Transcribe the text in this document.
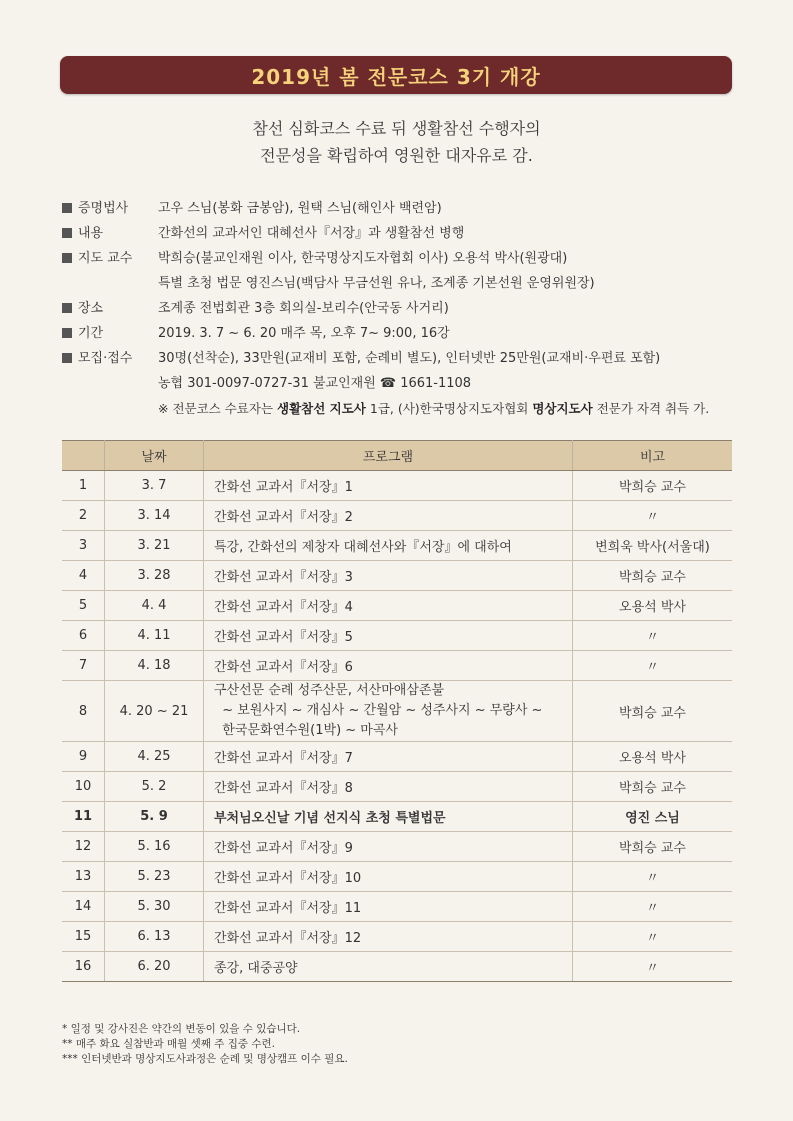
2019년 봄 전문코스 3기 개강
참선 심화코스 수료 뒤 생활참선 수행자의
전문성을 확립하여 영원한 대자유로 감.
증명법사	고우 스님(봉화 금봉암), 원택 스님(해인사 백련암)
내용	간화선의 교과서인 대혜선사『서장』과 생활참선 병행
지도 교수	박희승(불교인재원 이사, 한국명상지도자협회 이사) 오용석 박사(원광대)
특별 초청 법문 영진스님(백담사 무금선원 유나, 조계종 기본선원 운영위원장)
장소	조계종 전법회관 3층 회의실-보리수(안국동 사거리)
기간	2019. 3. 7 ~ 6. 20 매주 목, 오후 7~ 9:00, 16강
모집·접수	30명(선착순), 33만원(교재비 포함, 순례비 별도), 인터넷반 25만원(교재비·우편료 포함)
농협 301-0097-0727-31 불교인재원 ☎ 1661-1108
※ 전문코스 수료자는 생활참선 지도사 1급, (사)한국명상지도자협회 명상지도사 전문가 자격 취득 가.
	날짜	프로그램	비고
1	3. 7	간화선 교과서『서장』1	박희승 교수
2	3. 14	간화선 교과서『서장』2	〃
3	3. 21	특강, 간화선의 제창자 대혜선사와『서장』에 대하여	변희욱 박사(서울대)
4	3. 28	간화선 교과서『서장』3	박희승 교수
5	4. 4	간화선 교과서『서장』4	오용석 박사
6	4. 11	간화선 교과서『서장』5	〃
7	4. 18	간화선 교과서『서장』6	〃
8	4. 20 ~ 21	구산선문 순례 성주산문, 서산마애삼존불
~ 보원사지 ~ 개심사 ~ 간월암 ~ 성주사지 ~ 무량사 ~
한국문화연수원(1박) ~ 마곡사	박희승 교수
9	4. 25	간화선 교과서『서장』7	오용석 박사
10	5. 2	간화선 교과서『서장』8	박희승 교수
11	5. 9	부처님오신날 기념 선지식 초청 특별법문	영진 스님
12	5. 16	간화선 교과서『서장』9	박희승 교수
13	5. 23	간화선 교과서『서장』10	〃
14	5. 30	간화선 교과서『서장』11	〃
15	6. 13	간화선 교과서『서장』12	〃
16	6. 20	종강, 대중공양	〃
* 일정 및 강사진은 약간의 변동이 있을 수 있습니다.
** 매주 화요 실참반과 매월 셋째 주 집중 수련.
*** 인터넷반과 명상지도사과정은 순례 및 명상캠프 이수 필요.
